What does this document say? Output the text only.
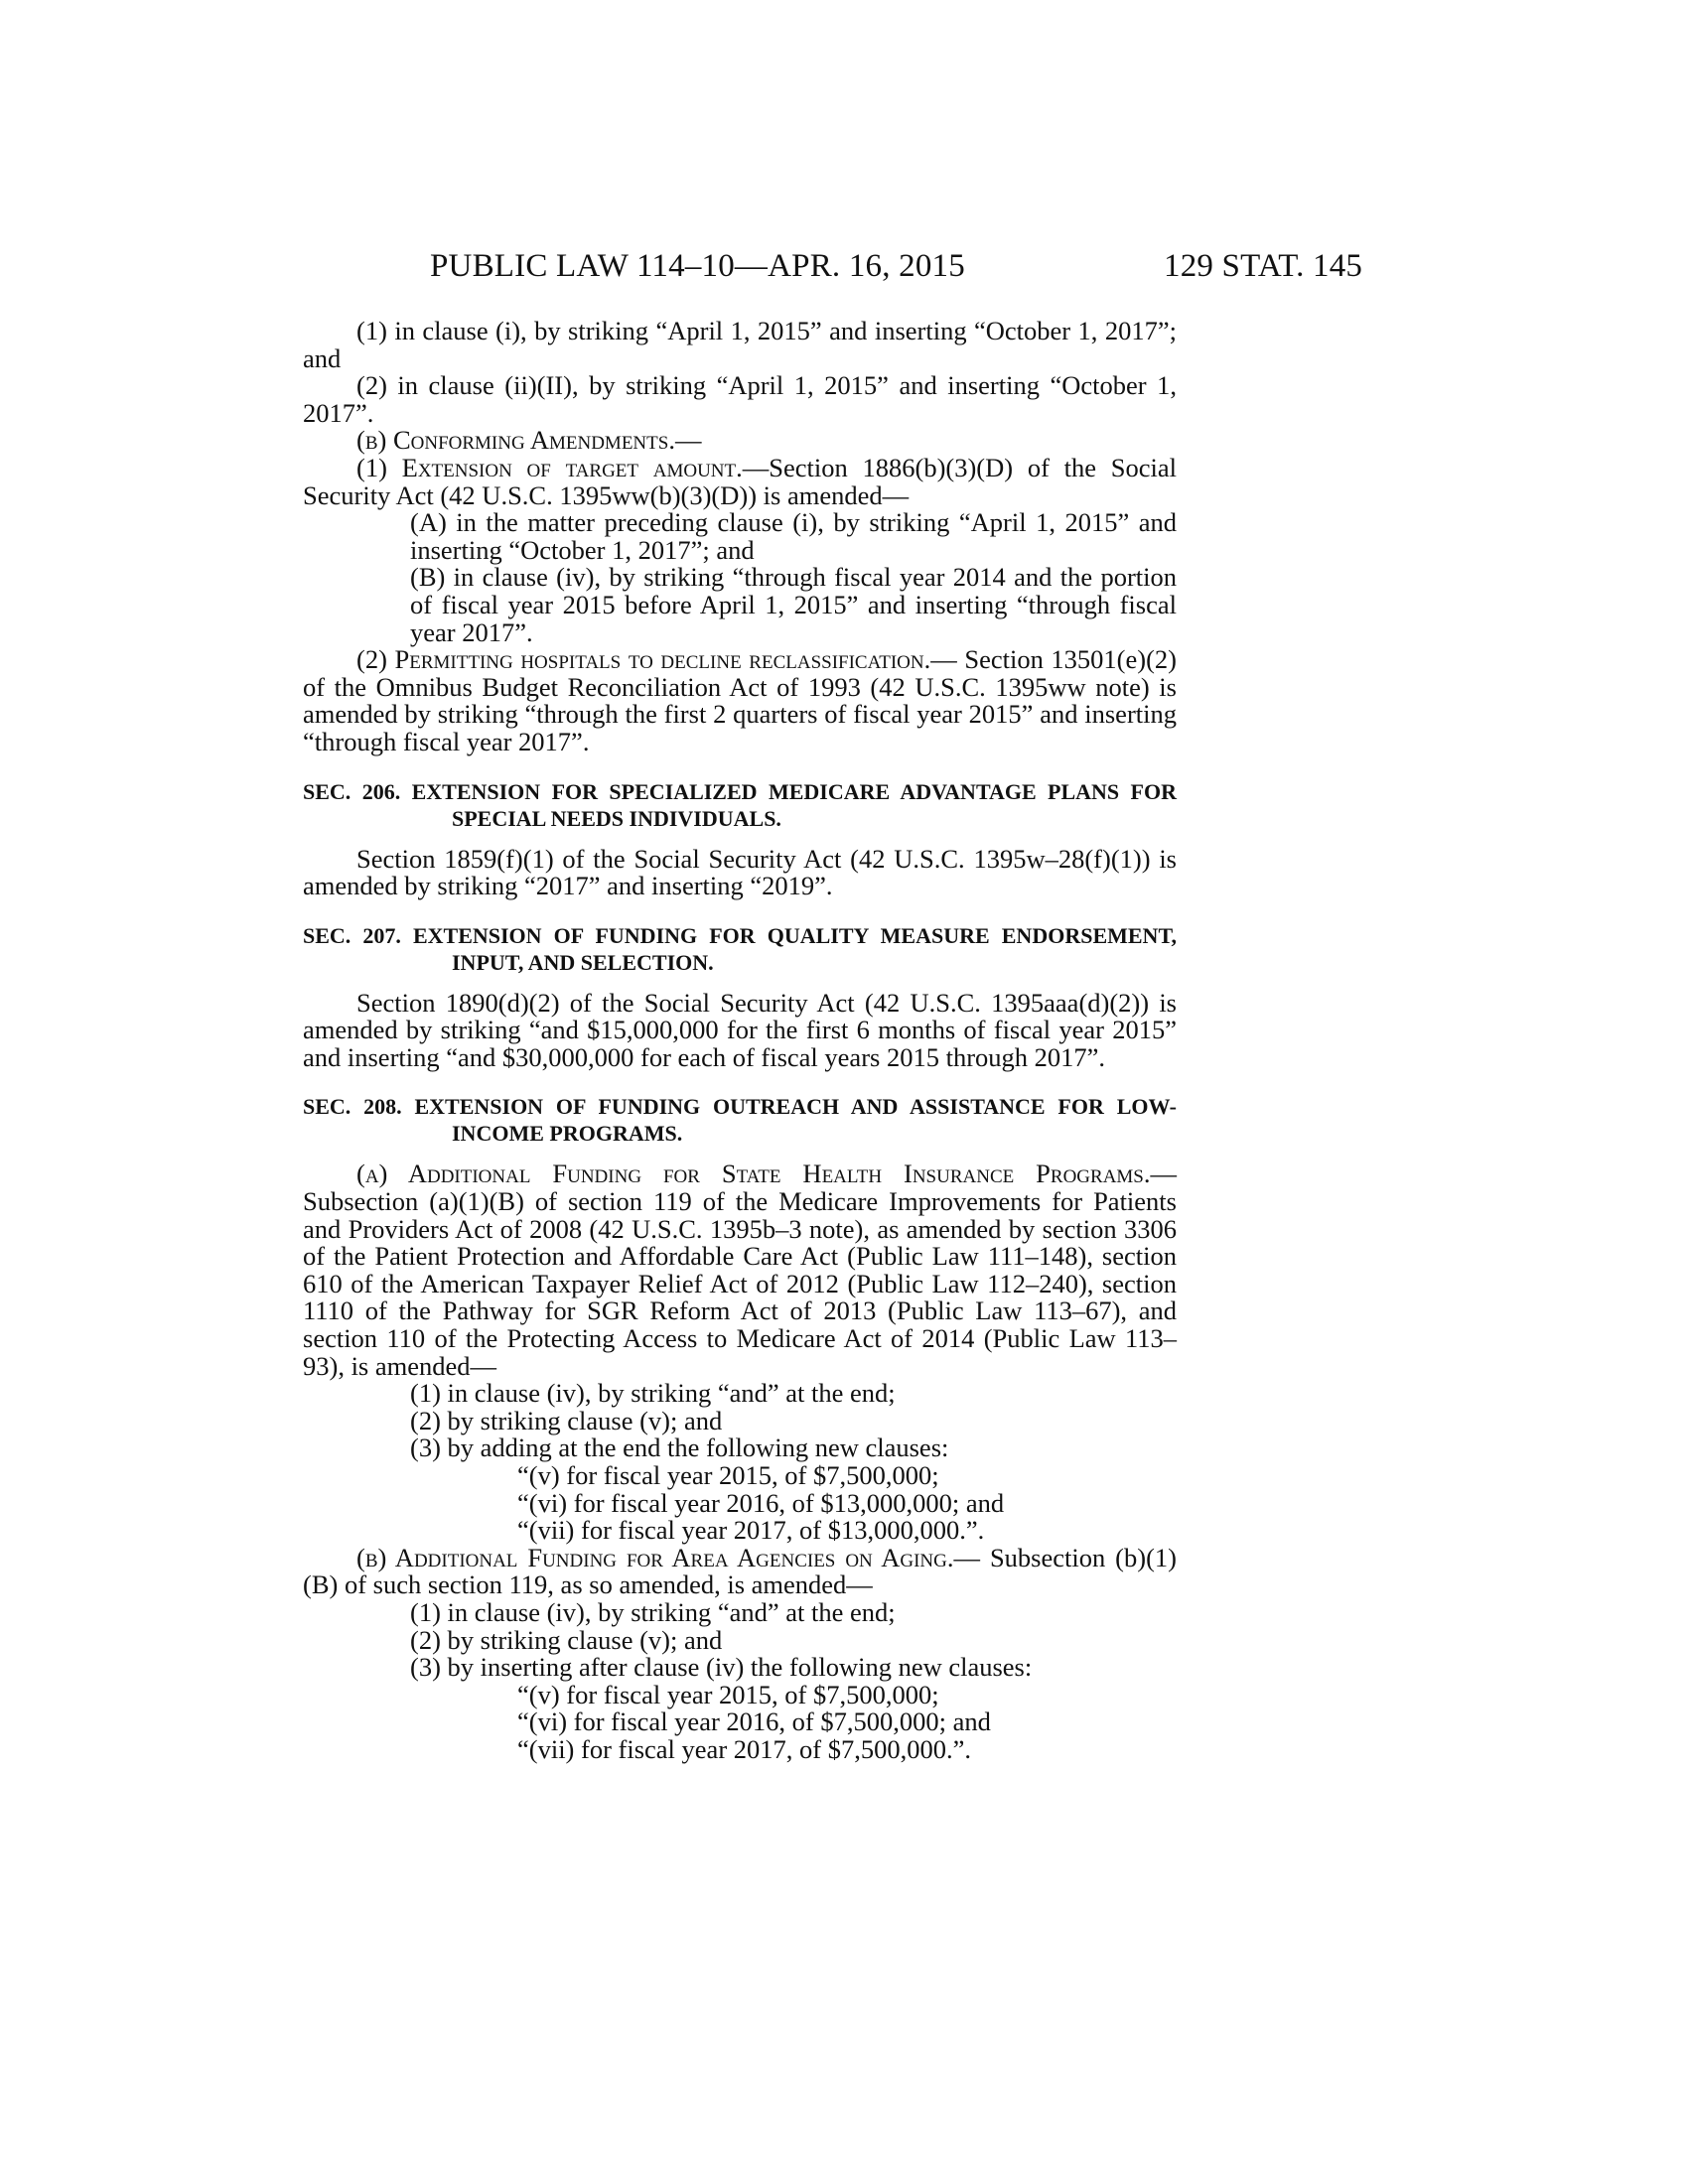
PUBLIC LAW 114–10—APR. 16, 2015	129 STAT. 145

(1) in clause (i), by striking “April 1, 2015” and inserting “October 1, 2017”; and

(2) in clause (ii)(II), by striking “April 1, 2015” and inserting “October 1, 2017”.

(b) Conforming Amendments.—

(1) Extension of target amount.—Section 1886(b)(3)(D) of the Social Security Act (42 U.S.C. 1395ww(b)(3)(D)) is amended—

(A) in the matter preceding clause (i), by striking “April 1, 2015” and inserting “October 1, 2017”; and

(B) in clause (iv), by striking “through fiscal year 2014 and the portion of fiscal year 2015 before April 1, 2015” and inserting “through fiscal year 2017”.

(2) Permitting hospitals to decline reclassification.— Section 13501(e)(2) of the Omnibus Budget Reconciliation Act of 1993 (42 U.S.C. 1395ww note) is amended by striking “through the first 2 quarters of fiscal year 2015” and inserting “through fiscal year 2017”.

SEC. 206. EXTENSION FOR SPECIALIZED MEDICARE ADVANTAGE PLANS FOR SPECIAL NEEDS INDIVIDUALS.

Section 1859(f)(1) of the Social Security Act (42 U.S.C. 1395w–28(f)(1)) is amended by striking “2017” and inserting “2019”.

SEC. 207. EXTENSION OF FUNDING FOR QUALITY MEASURE ENDORSEMENT, INPUT, AND SELECTION.

Section 1890(d)(2) of the Social Security Act (42 U.S.C. 1395aaa(d)(2)) is amended by striking “and $15,000,000 for the first 6 months of fiscal year 2015” and inserting “and $30,000,000 for each of fiscal years 2015 through 2017”.

SEC. 208. EXTENSION OF FUNDING OUTREACH AND ASSISTANCE FOR LOW-INCOME PROGRAMS.

(a) Additional Funding for State Health Insurance Programs.—Subsection (a)(1)(B) of section 119 of the Medicare Improvements for Patients and Providers Act of 2008 (42 U.S.C. 1395b–3 note), as amended by section 3306 of the Patient Protection and Affordable Care Act (Public Law 111–148), section 610 of the American Taxpayer Relief Act of 2012 (Public Law 112–240), section 1110 of the Pathway for SGR Reform Act of 2013 (Public Law 113–67), and section 110 of the Protecting Access to Medicare Act of 2014 (Public Law 113–93), is amended—

(1) in clause (iv), by striking “and” at the end;

(2) by striking clause (v); and

(3) by adding at the end the following new clauses:

“(v) for fiscal year 2015, of $7,500,000;

“(vi) for fiscal year 2016, of $13,000,000; and

“(vii) for fiscal year 2017, of $13,000,000.”.

(b) Additional Funding for Area Agencies on Aging.— Subsection (b)(1)(B) of such section 119, as so amended, is amended—

(1) in clause (iv), by striking “and” at the end;

(2) by striking clause (v); and

(3) by inserting after clause (iv) the following new clauses:

“(v) for fiscal year 2015, of $7,500,000;

“(vi) for fiscal year 2016, of $7,500,000; and

“(vii) for fiscal year 2017, of $7,500,000.”.
